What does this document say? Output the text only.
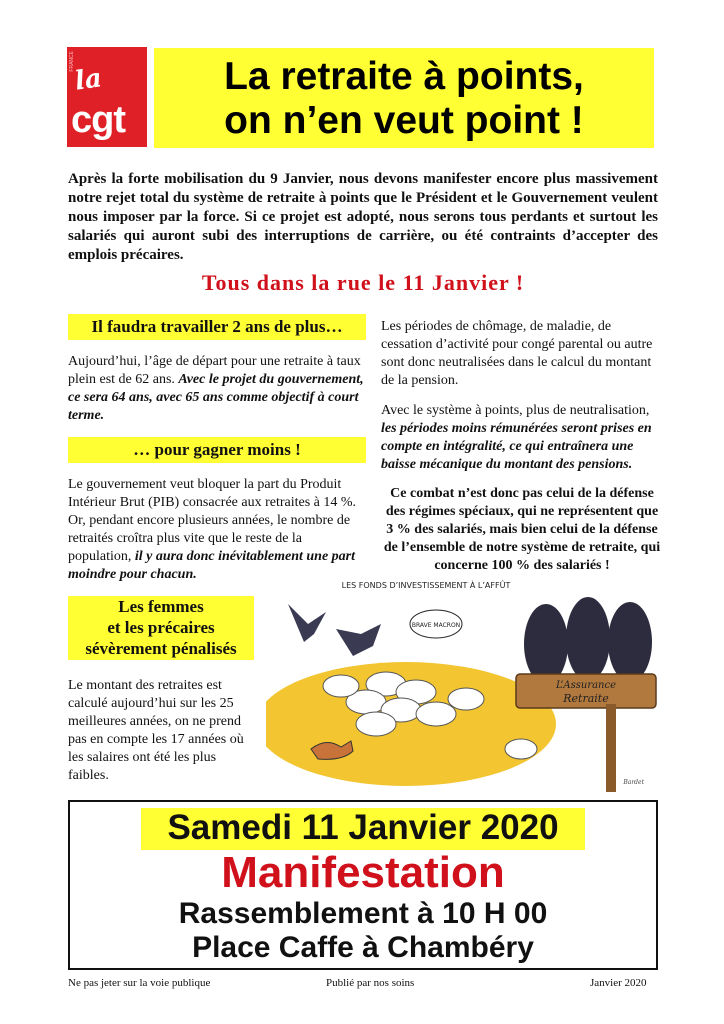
FRANCE
la
cgt
La retraite à points,
on n’en veut point !
Après la forte mobilisation du 9 Janvier, nous devons manifester encore plus massivement notre rejet total du système de retraite à points que le Président et le Gouvernement veulent nous imposer par la force. Si ce projet est adopté, nous serons tous perdants et surtout les salariés qui auront subi des interruptions de carrière, ou été contraints d’accepter des emplois précaires.
Tous dans la rue le 11 Janvier !
Il faudra travailler 2 ans de plus…
Aujourd’hui, l’âge de départ pour une retraite à taux plein est de 62 ans. Avec le projet du gouvernement, ce sera 64 ans, avec 65 ans comme objectif à court terme.
… pour gagner moins !
Le gouvernement veut bloquer la part du Produit Intérieur Brut (PIB) consacrée aux retraites à 14 %. Or, pendant encore plusieurs années, le nombre de retraités croîtra plus vite que le reste de la population, il y aura donc inévitablement une part moindre pour chacun.
Les femmes
et les précaires
sévèrement pénalisés
Le montant des retraites est calculé aujourd’hui sur les 25 meilleures années, on ne prend pas en compte les 17 années où les salaires ont été les plus faibles.
Les périodes de chômage, de maladie, de cessation d’activité pour congé parental ou autre sont donc neutralisées dans le calcul du montant de la pension.
Avec le système à points, plus de neutralisation, les périodes moins rémunérées seront prises en compte en intégralité, ce qui entraînera une baisse mécanique du montant des pensions.
Ce combat n’est donc pas celui de la défense des régimes spéciaux, qui ne représentent que 3 % des salariés, mais bien celui de la défense de l’ensemble de notre système de retraite, qui concerne 100 % des salariés !
L’Assurance
Retraite
LES FONDS D’INVESTISSEMENT À L’AFFÛT
BRAVE MACRON
Bardet
Samedi 11 Janvier 2020
Manifestation
Rassemblement à 10 H 00
Place Caffe à Chambéry
Ne pas jeter sur la voie publique	Publié par nos soins	Janvier 2020
